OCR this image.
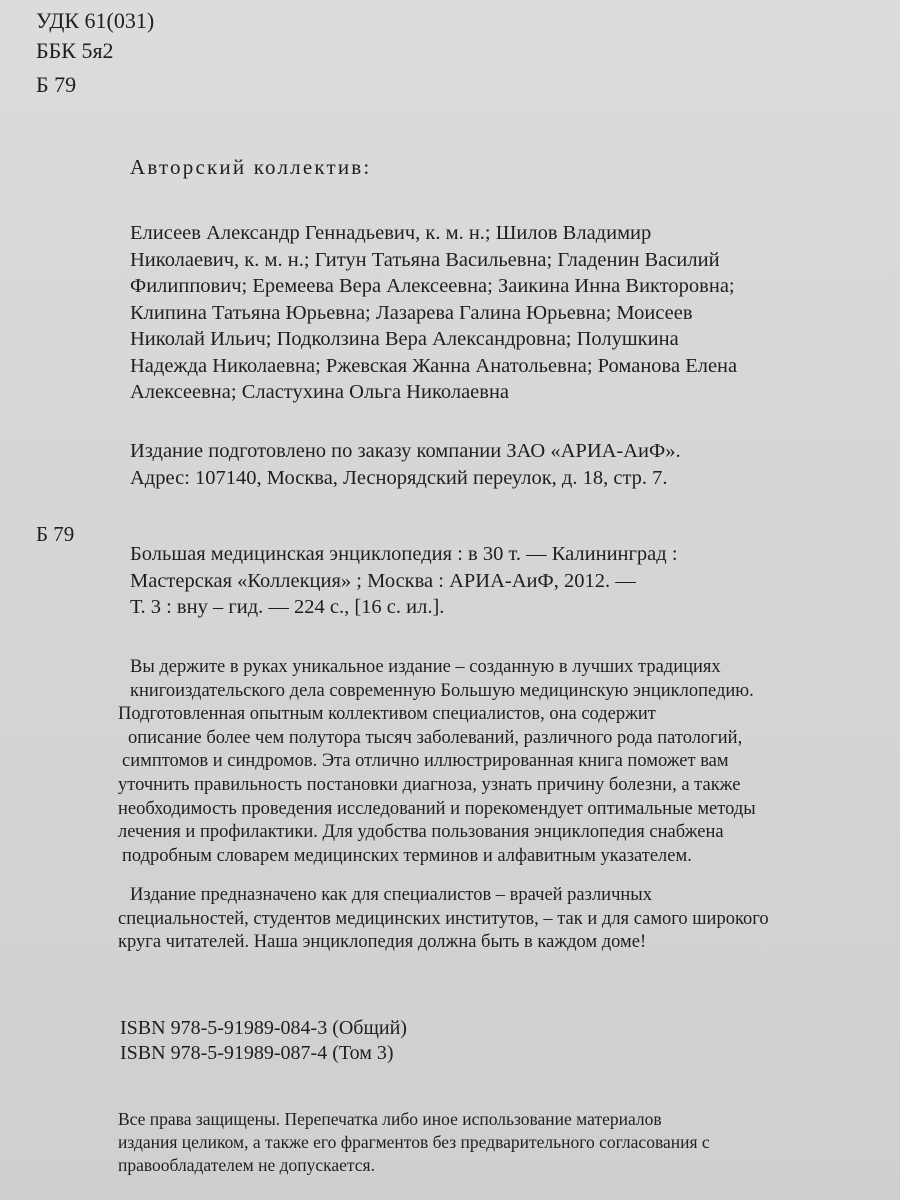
УДК 61(031)
ББК 5я2
Б 79
Авторский коллектив:
Елисеев Александр Геннадьевич, к. м. н.; Шилов Владимир
Николаевич, к. м. н.; Гитун Татьяна Васильевна; Гладенин Василий
Филиппович; Еремеева Вера Алексеевна; Заикина Инна Викторовна;
Клипина Татьяна Юрьевна; Лазарева Галина Юрьевна; Моисеев
Николай Ильич; Подколзина Вера Александровна; Полушкина
Надежда Николаевна; Ржевская Жанна Анатольевна; Романова Елена
Алексеевна; Сластухина Ольга Николаевна
Издание подготовлено по заказу компании ЗАО «АРИА-АиФ».
Адрес: 107140, Москва, Леснорядский переулок, д. 18, стр. 7.
Б 79
Большая медицинская энциклопедия : в 30 т. — Калининград :
Мастерская «Коллекция» ; Москва : АРИА-АиФ, 2012. —
Т. 3 : вну – гид. — 224 с., [16 с. ил.].
Вы держите в руках уникальное издание – созданную в лучших традициях
книгоиздательского дела современную Большую медицинскую энциклопедию.
Подготовленная опытным коллективом специалистов, она содержит
описание более чем полутора тысяч заболеваний, различного рода патологий,
симптомов и синдромов. Эта отлично иллюстрированная книга поможет вам
уточнить правильность постановки диагноза, узнать причину болезни, а также
необходимость проведения исследований и порекомендует оптимальные методы
лечения и профилактики. Для удобства пользования энциклопедия снабжена
подробным словарем медицинских терминов и алфавитным указателем.
Издание предназначено как для специалистов – врачей различных
специальностей, студентов медицинских институтов, – так и для самого широкого
круга читателей. Наша энциклопедия должна быть в каждом доме!
ISBN 978-5-91989-084-3 (Общий)
ISBN 978-5-91989-087-4 (Том 3)
Все права защищены. Перепечатка либо иное использование материалов
издания целиком, а также его фрагментов без предварительного согласования с
правообладателем не допускается.
